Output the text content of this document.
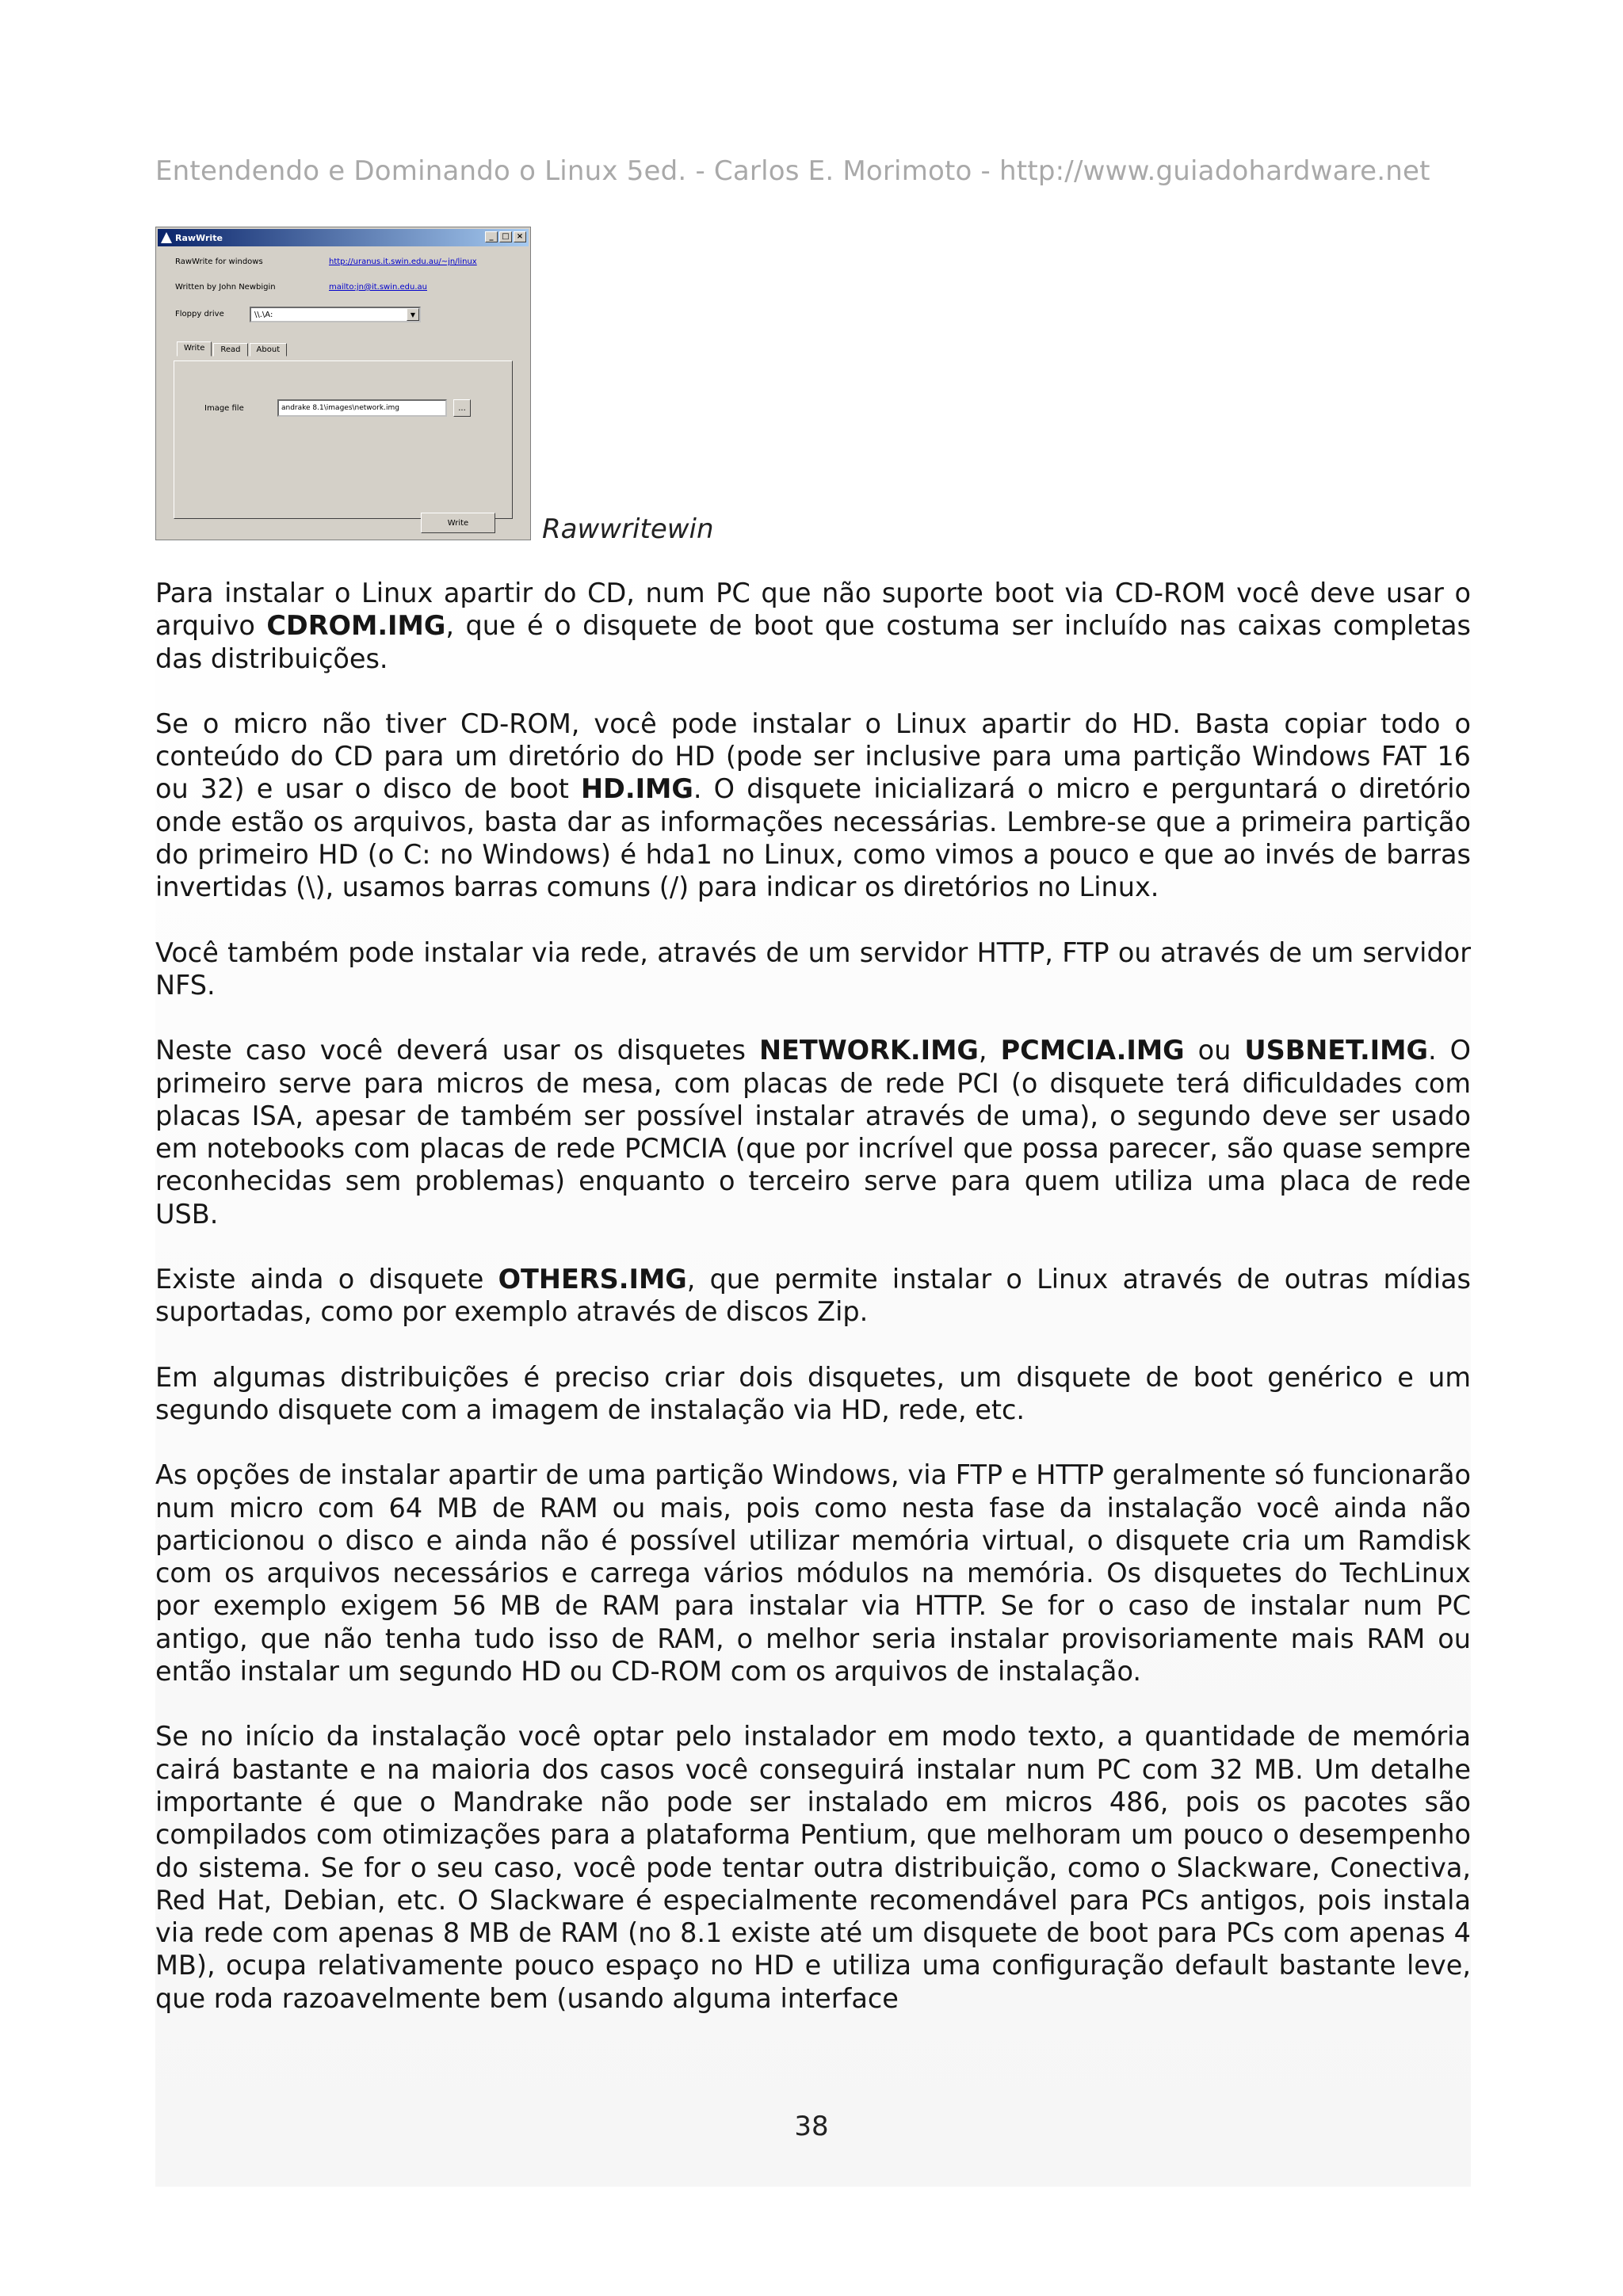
Entendendo e Dominando o Linux 5ed. - Carlos E. Morimoto - http://www.guiadohardware.net
RawWrite	_	□ ×
RawWrite for windows	http://uranus.it.swin.edu.au/~jn/linux
Written by John Newbigin	mailto:jn@it.swin.edu.au
Floppy drive	\\.\A:	▼
Write	Read	About
Image file	andrake 8.1\images\network.img	...
Write	Rawwritewin

Para instalar o Linux apartir do CD, num PC que não suporte boot via CD-ROM você deve usar o arquivo CDROM.IMG, que é o disquete de boot que costuma ser incluído nas caixas completas das distribuições.

Se o micro não tiver CD-ROM, você pode instalar o Linux apartir do HD. Basta copiar todo o conteúdo do CD para um diretório do HD (pode ser inclusive para uma partição Windows FAT 16 ou 32) e usar o disco de boot HD.IMG. O disquete inicializará o micro e perguntará o diretório onde estão os arquivos, basta dar as informações necessárias. Lembre-se que a primeira partição do primeiro HD (o C: no Windows) é hda1 no Linux, como vimos a pouco e que ao invés de barras invertidas (\), usamos barras comuns (/) para indicar os diretórios no Linux.

Você também pode instalar via rede, através de um servidor HTTP, FTP ou através de um servidor NFS.

Neste caso você deverá usar os disquetes NETWORK.IMG, PCMCIA.IMG ou USBNET.IMG. O primeiro serve para micros de mesa, com placas de rede PCI (o disquete terá dificuldades com placas ISA, apesar de também ser possível instalar através de uma), o segundo deve ser usado em notebooks com placas de rede PCMCIA (que por incrível que possa parecer, são quase sempre reconhecidas sem problemas) enquanto o terceiro serve para quem utiliza uma placa de rede USB.

Existe ainda o disquete OTHERS.IMG, que permite instalar o Linux através de outras mídias suportadas, como por exemplo através de discos Zip.

Em algumas distribuições é preciso criar dois disquetes, um disquete de boot genérico e um segundo disquete com a imagem de instalação via HD, rede, etc.

As opções de instalar apartir de uma partição Windows, via FTP e HTTP geralmente só funcionarão num micro com 64 MB de RAM ou mais, pois como nesta fase da instalação você ainda não particionou o disco e ainda não é possível utilizar memória virtual, o disquete cria um Ramdisk com os arquivos necessários e carrega vários módulos na memória. Os disquetes do TechLinux por exemplo exigem 56 MB de RAM para instalar via HTTP. Se for o caso de instalar num PC antigo, que não tenha tudo isso de RAM, o melhor seria instalar provisoriamente mais RAM ou então instalar um segundo HD ou CD-ROM com os arquivos de instalação.

Se no início da instalação você optar pelo instalador em modo texto, a quantidade de memória cairá bastante e na maioria dos casos você conseguirá instalar num PC com 32 MB. Um detalhe importante é que o Mandrake não pode ser instalado em micros 486, pois os pacotes são compilados com otimizações para a plataforma Pentium, que melhoram um pouco o desempenho do sistema. Se for o seu caso, você pode tentar outra distribuição, como o Slackware, Conectiva, Red Hat, Debian, etc. O Slackware é especialmente recomendável para PCs antigos, pois instala via rede com apenas 8 MB de RAM (no 8.1 existe até um disquete de boot para PCs com apenas 4 MB), ocupa relativamente pouco espaço no HD e utiliza uma configuração default bastante leve, que roda razoavelmente bem (usando alguma interface

38
